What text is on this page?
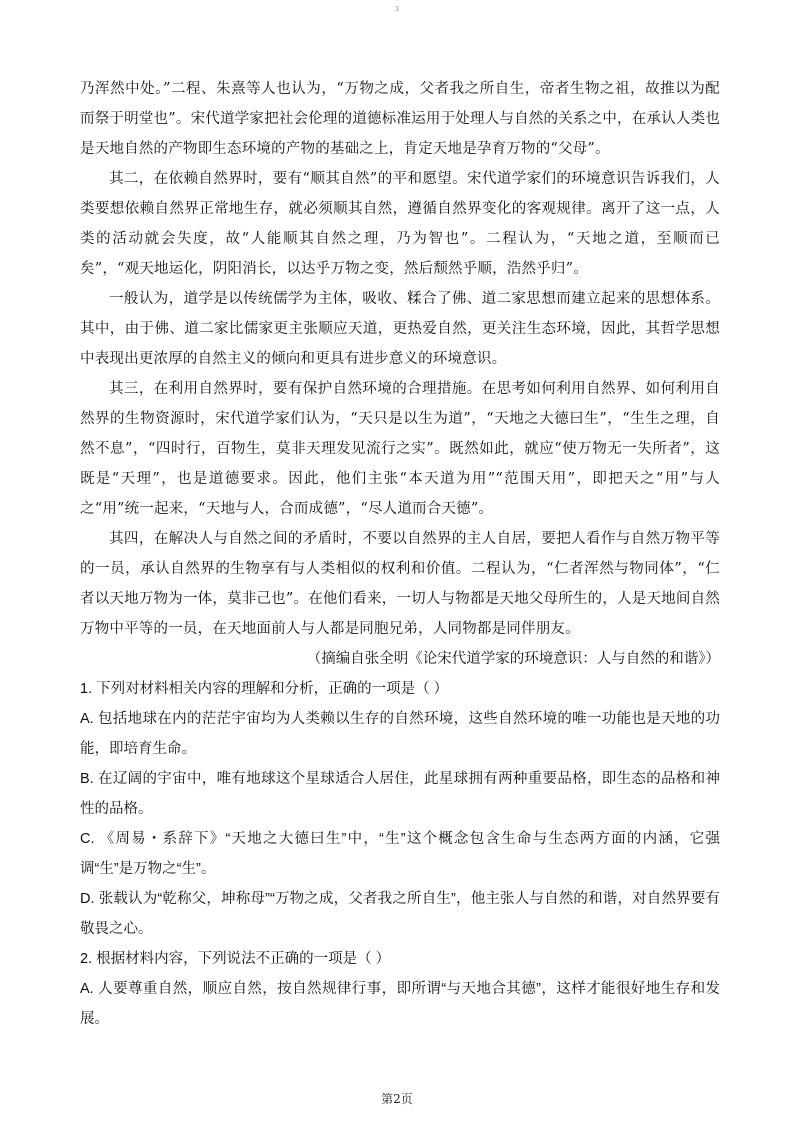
3

乃浑然中处。”二程、朱熹等人也认为，“万物之成，父者我之所自生，帝者生物之祖，故推以为配而祭于明堂也”。宋代道学家把社会伦理的道德标准运用于处理人与自然的关系之中，在承认人类也是天地自然的产物即生态环境的产物的基础之上，肯定天地是孕育万物的“父母”。

其二，在依赖自然界时，要有“顺其自然”的平和愿望。宋代道学家们的环境意识告诉我们，人类要想依赖自然界正常地生存，就必须顺其自然，遵循自然界变化的客观规律。离开了这一点，人类的活动就会失度，故“人能顺其自然之理，乃为智也”。二程认为，“天地之道，至顺而已矣”，“观天地运化，阴阳消长，以达乎万物之变，然后颓然乎顺，浩然乎归”。

一般认为，道学是以传统儒学为主体，吸收、糅合了佛、道二家思想而建立起来的思想体系。其中，由于佛、道二家比儒家更主张顺应天道，更热爱自然，更关注生态环境，因此，其哲学思想中表现出更浓厚的自然主义的倾向和更具有进步意义的环境意识。

其三，在利用自然界时，要有保护自然环境的合理措施。在思考如何利用自然界、如何利用自然界的生物资源时，宋代道学家们认为，“天只是以生为道”，“天地之大德曰生”，“生生之理，自然不息”，“四时行，百物生，莫非天理发见流行之实”。既然如此，就应“使万物无一失所者”，这既是“天理”，也是道德要求。因此，他们主张“本天道为用”“范围天用”，即把天之“用”与人之“用”统一起来，“天地与人，合而成德”，“尽人道而合天德”。

其四，在解决人与自然之间的矛盾时，不要以自然界的主人自居，要把人看作与自然万物平等的一员，承认自然界的生物享有与人类相似的权利和价值。二程认为，“仁者浑然与物同体”，“仁者以天地万物为一体，莫非己也”。在他们看来，一切人与物都是天地父母所生的，人是天地间自然万物中平等的一员，在天地面前人与人都是同胞兄弟，人同物都是同伴朋友。

（摘编自张全明《论宋代道学家的环境意识：人与自然的和谐》）

1. 下列对材料相关内容的理解和分析，正确的一项是（ ）

A. 包括地球在内的茫茫宇宙均为人类赖以生存的自然环境，这些自然环境的唯一功能也是天地的功能，即培育生命。

B. 在辽阔的宇宙中，唯有地球这个星球适合人居住，此星球拥有两种重要品格，即生态的品格和神性的品格。

C. 《周易・系辞下》“天地之大德曰生”中，“生”这个概念包含生命与生态两方面的内涵，它强调“生”是万物之“生”。

D. 张载认为“乾称父，坤称母”“万物之成，父者我之所自生”，他主张人与自然的和谐，对自然界要有敬畏之心。

2. 根据材料内容，下列说法不正确的一项是（ ）

A. 人要尊重自然，顺应自然，按自然规律行事，即所谓“与天地合其德”，这样才能很好地生存和发展。

第2页
